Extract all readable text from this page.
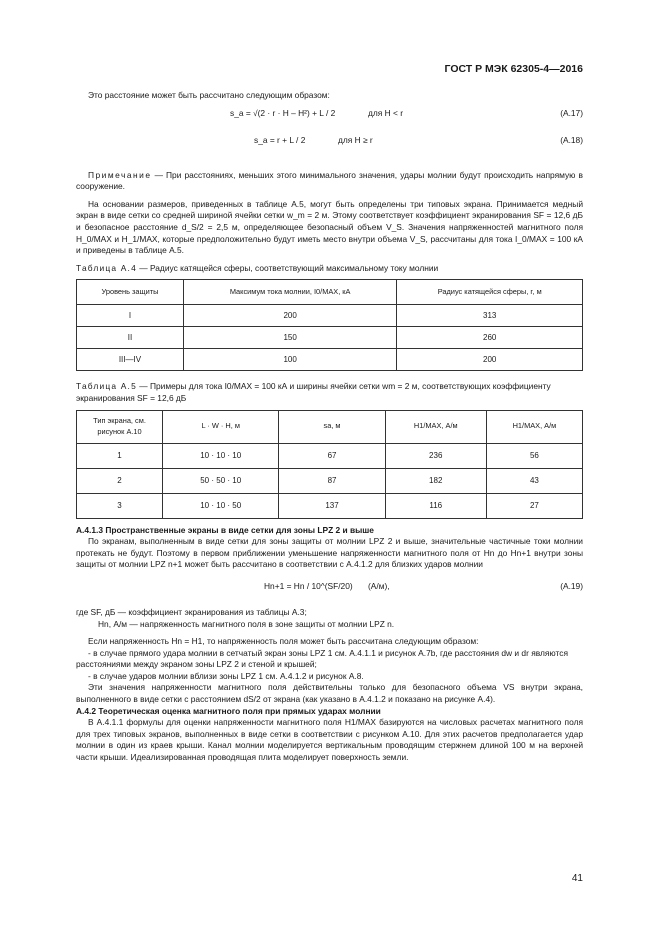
ГОСТ Р МЭК 62305-4—2016

Это расстояние может быть рассчитано следующим образом:

s_a = √(2 · r · H – H²) + L / 2	для H < r	(А.17)
s_a = r + L / 2	для H ≥ r	(А.18)

Примечание — При расстояниях, меньших этого минимального значения, удары молнии будут происходить напрямую в сооружение.

На основании размеров, приведенных в таблице А.5, могут быть определены три типовых экрана. Принимается медный экран в виде сетки со средней шириной ячейки сетки w_m = 2 м. Этому соответствует коэффициент экранирования SF = 12,6 дБ и безопасное расстояние d_S/2 = 2,5 м, определяющее безопасный объем V_S. Значения напряженностей магнитного поля H_0/MAX и H_1/MAX, которые предположительно будут иметь место внутри объема V_S, рассчитаны для тока I_0/MAX = 100 кА и приведены в таблице А.5.

Таблица А.4 — Радиус катящейся сферы, соответствующий максимальному току молнии

Уровень защиты	Максимум тока молнии, I0/MAX, кА	Радиус катящейся сферы, r, м
I	200	313
II	150	260
III—IV	100	200

Таблица А.5 — Примеры для тока I0/MAX = 100 кА и ширины ячейки сетки wm = 2 м, соответствующих коэффициенту экранирования SF = 12,6 дБ

Тип экрана, см. рисунок А.10	L · W · H, м	sa, м	H1/MAX, А/м	H1/MAX, А/м
1	10 · 10 · 10	67	236	56
2	50 · 50 · 10	87	182	43
3	10 · 10 · 50	137	116	27

А.4.1.3 Пространственные экраны в виде сетки для зоны LPZ 2 и выше

По экранам, выполненным в виде сетки для зоны защиты от молнии LPZ 2 и выше, значительные частичные токи молнии протекать не будут. Поэтому в первом приближении уменьшение напряженности магнитного поля от Hn до Hn+1 внутри зоны защиты от молнии LPZ n+1 может быть рассчитано в соответствии с А.4.1.2 для близких ударов молнии

Hn+1 = Hn / 10^(SF/20) (А/м),	(А.19)

где SF, дБ — коэффициент экранирования из таблицы А.3;

Hn, А/м — напряженность магнитного поля в зоне защиты от молнии LPZ n.

Если напряженность Hn = H1, то напряженность поля может быть рассчитана следующим образом:

- в случае прямого удара молнии в сетчатый экран зоны LPZ 1 см. А.4.1.1 и рисунок А.7b, где расстояния dw и dr являются расстояниями между экраном зоны LPZ 2 и стеной и крышей;

- в случае ударов молнии вблизи зоны LPZ 1 см. А.4.1.2 и рисунок А.8.

Эти значения напряженности магнитного поля действительны только для безопасного объема VS внутри экрана, выполненного в виде сетки с расстоянием dS/2 от экрана (как указано в А.4.1.2 и показано на рисунке А.4).

А.4.2 Теоретическая оценка магнитного поля при прямых ударах молнии

В А.4.1.1 формулы для оценки напряженности магнитного поля H1/MAX базируются на числовых расчетах магнитного поля для трех типовых экранов, выполненных в виде сетки в соответствии с рисунком А.10. Для этих расчетов предполагается удар молнии в один из краев крыши. Канал молнии моделируется вертикальным проводящим стержнем длиной 100 м на верхней части крыши. Идеализированная проводящая плита моделирует поверхность земли.

41
